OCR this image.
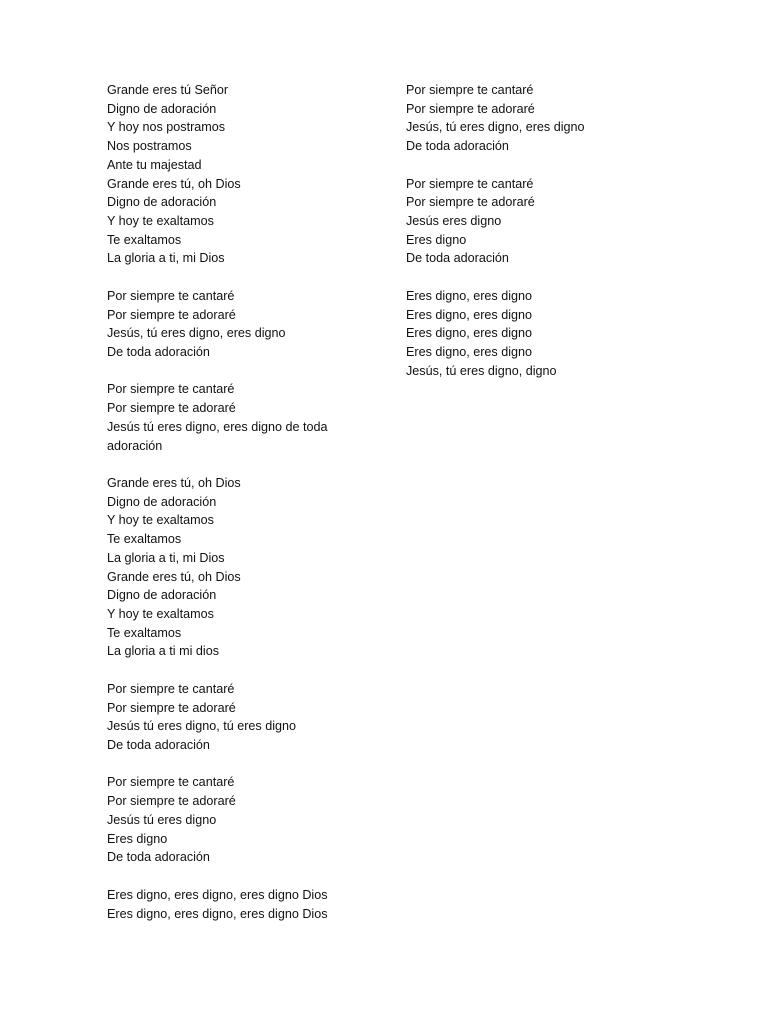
Grande eres tú Señor
Digno de adoración
Y hoy nos postramos
Nos postramos
Ante tu majestad
Grande eres tú, oh Dios
Digno de adoración
Y hoy te exaltamos
Te exaltamos
La gloria a ti, mi Dios
Por siempre te cantaré
Por siempre te adoraré
Jesús, tú eres digno, eres digno
De toda adoración
Por siempre te cantaré
Por siempre te adoraré
Jesús tú eres digno, eres digno de toda
adoración
Grande eres tú, oh Dios
Digno de adoración
Y hoy te exaltamos
Te exaltamos
La gloria a ti, mi Dios
Grande eres tú, oh Dios
Digno de adoración
Y hoy te exaltamos
Te exaltamos
La gloria a ti mi dios
Por siempre te cantaré
Por siempre te adoraré
Jesús tú eres digno, tú eres digno
De toda adoración
Por siempre te cantaré
Por siempre te adoraré
Jesús tú eres digno
Eres digno
De toda adoración
Eres digno, eres digno, eres digno Dios
Eres digno, eres digno, eres digno Dios
Por siempre te cantaré
Por siempre te adoraré
Jesús, tú eres digno, eres digno
De toda adoración
Por siempre te cantaré
Por siempre te adoraré
Jesús eres digno
Eres digno
De toda adoración
Eres digno, eres digno
Eres digno, eres digno
Eres digno, eres digno
Eres digno, eres digno
Jesús, tú eres digno, digno
